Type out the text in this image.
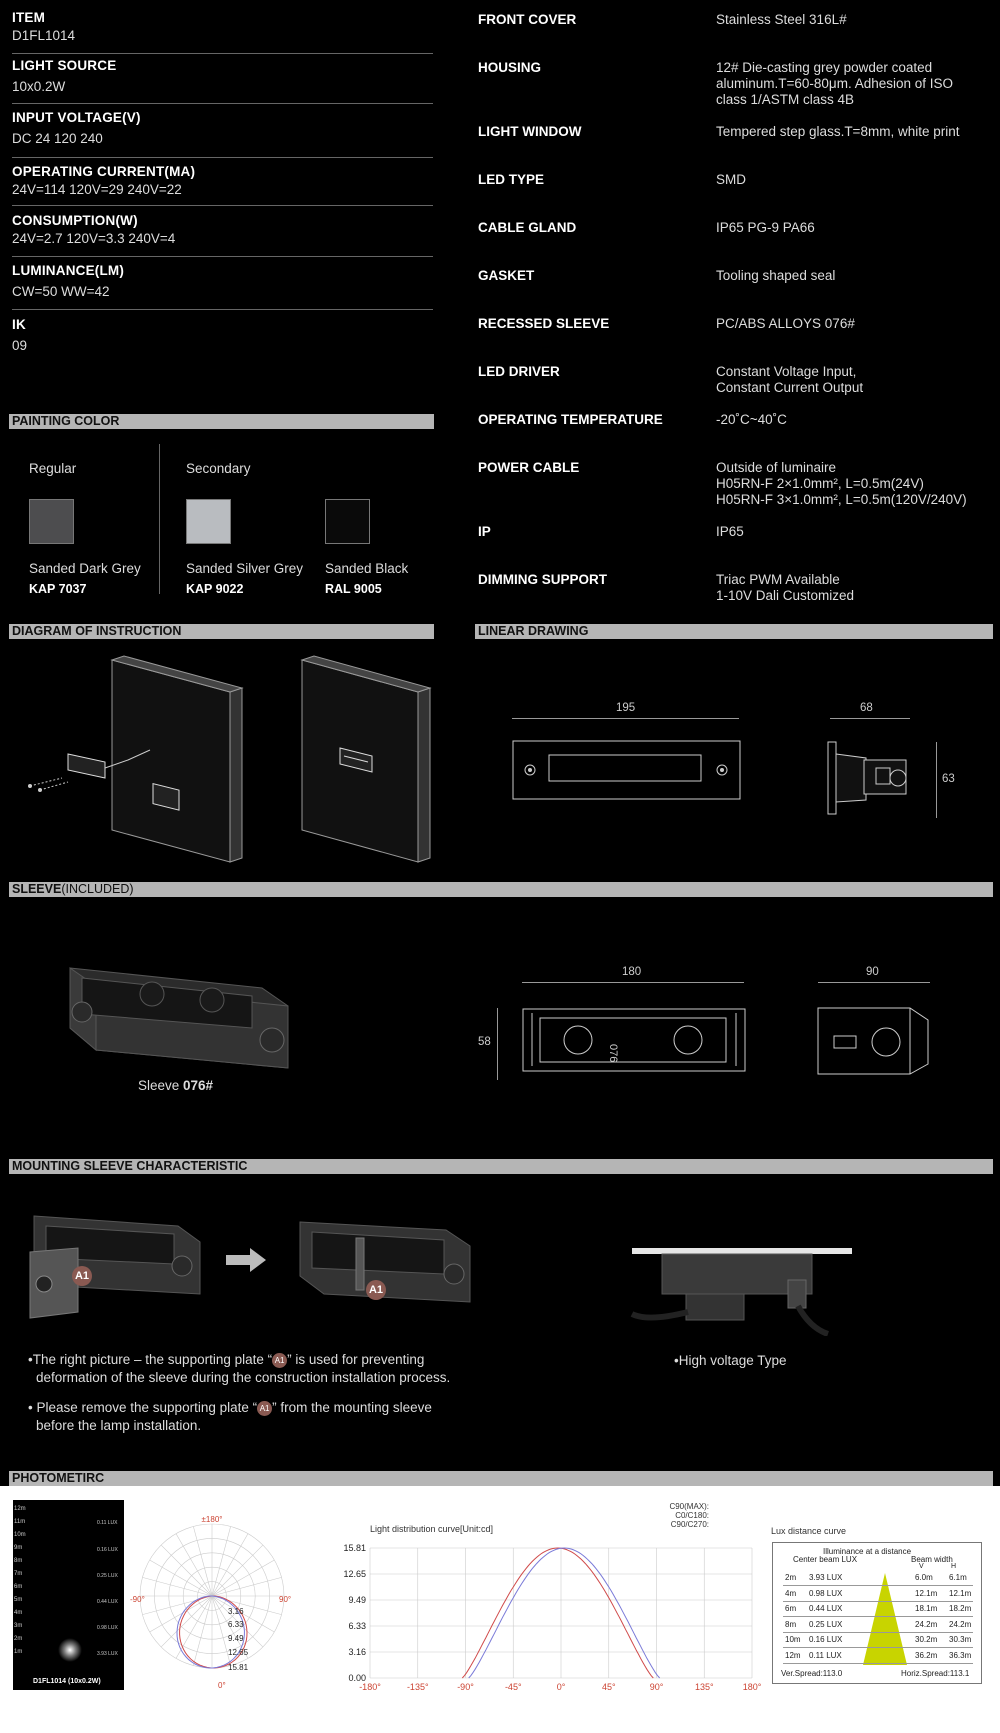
ITEM
D1FL1014
LIGHT SOURCE
10x0.2W
INPUT VOLTAGE(V)
DC 24 120 240
OPERATING CURRENT(MA)
24V=114 120V=29 240V=22
CONSUMPTION(W)
24V=2.7 120V=3.3 240V=4
LUMINANCE(LM)
CW=50 WW=42
IK
09
FRONT COVER	Stainless Steel 316L#
HOUSING	12# Die-casting grey powder coated
aluminum.T=60-80μm. Adhesion of ISO
class 1/ASTM class 4B
LIGHT WINDOW	Tempered step glass.T=8mm, white print
LED TYPE	SMD
CABLE GLAND	IP65 PG-9 PA66
GASKET	Tooling shaped seal
RECESSED SLEEVE	PC/ABS ALLOYS 076#
LED DRIVER	Constant Voltage Input,
Constant Current Output
OPERATING TEMPERATURE	-20˚C~40˚C
POWER CABLE	Outside of luminaire
H05RN-F 2×1.0mm², L=0.5m(24V)
H05RN-F 3×1.0mm², L=0.5m(120V/240V)
IP	IP65
DIMMING SUPPORT	Triac PWM Available
1-10V Dali Customized
PAINTING COLOR
Regular	Secondary
Sanded Dark Grey
KAP 7037
Sanded Silver Grey
KAP 9022
Sanded Black
RAL 9005
DIAGRAM OF INSTRUCTION	LINEAR DRAWING
195	68
63
SLEEVE(INCLUDED)
Sleeve 076#
180
076
58
90
MOUNTING SLEEVE CHARACTERISTIC
A1
A1
•The right picture – the supporting plate “ A1 ” is used for preventing
deformation of the sleeve during the construction installation process.
• Please remove the supporting plate “ A1 ” from the mounting sleeve
before the lamp installation.
•High voltage Type
PHOTOMETIRC
12m
11m
10m
9m
8m
7m
6m
5m
4m
3m
2m
1m
0.11 LUX
0.16 LUX
0.25 LUX
0.44 LUX
0.98 LUX
3.93 LUX
D1FL1014 (10x0.2W)
±180°
-90°	90°
0°
3.16
6.33
9.49
12.65
15.81
Light distribution curve[Unit:cd]
C90(MAX):
C0/C180:
C90/C270:
15.81
12.65
9.49
6.33
3.16
0.00
-180°	-135°	-90°	-45°	0°	45°	90°	135°	180°
Lux distance curve
Illuminance at a distance
Center beam LUX	Beam width
V	H
2m 3.93 LUX	6.0m 6.1m
4m 0.98 LUX	12.1m 12.1m
6m 0.44 LUX	18.1m 18.2m
8m 0.25 LUX	24.2m 24.2m
10m 0.16 LUX	30.2m 30.3m
12m 0.11 LUX	36.2m 36.3m
Ver.Spread:113.0	Horiz.Spread:113.1
